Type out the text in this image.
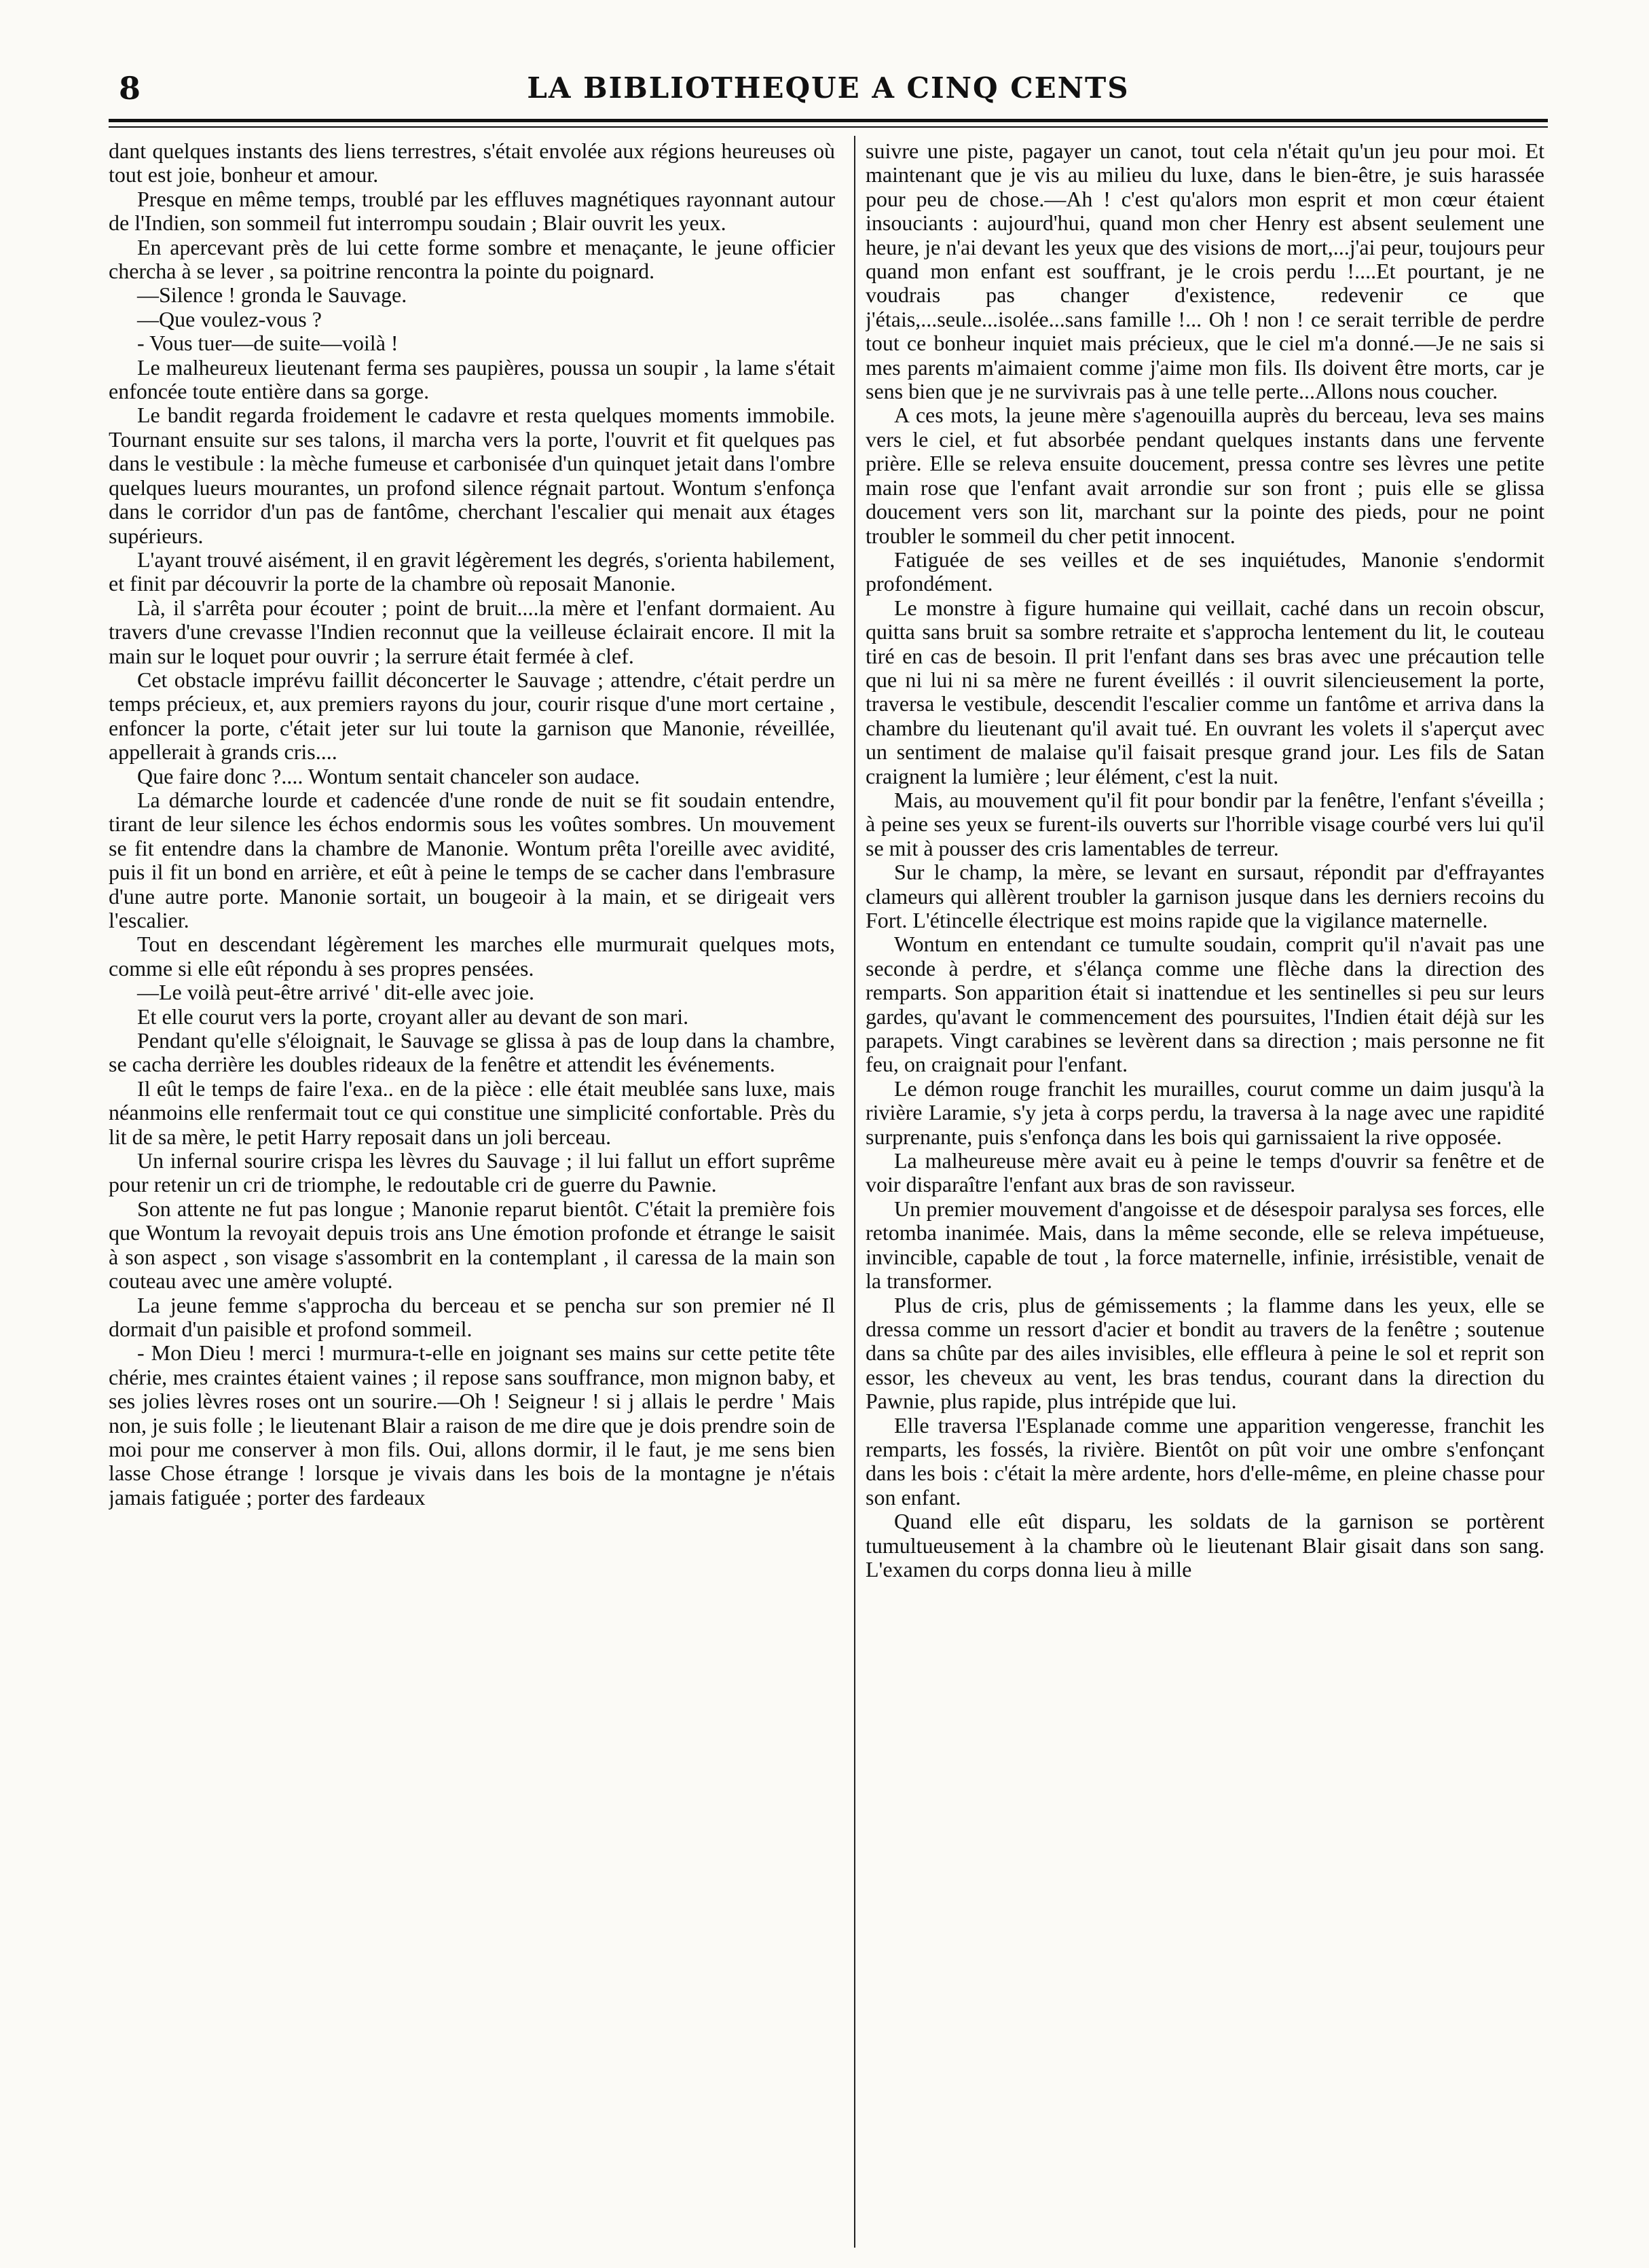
8	LA BIBLIOTHEQUE A CINQ CENTS

dant quelques instants des liens terrestres, s'était envolée aux régions heureuses où tout est joie, bonheur et amour.

Presque en même temps, troublé par les effluves magnétiques rayonnant autour de l'Indien, son sommeil fut interrompu soudain ; Blair ouvrit les yeux.

En apercevant près de lui cette forme sombre et menaçante, le jeune officier chercha à se lever , sa poitrine rencontra la pointe du poignard.

—Silence ! gronda le Sauvage.

—Que voulez-vous ?

- Vous tuer—de suite—voilà !

Le malheureux lieutenant ferma ses paupières, poussa un soupir , la lame s'était enfoncée toute entière dans sa gorge.

Le bandit regarda froidement le cadavre et resta quelques moments immobile. Tournant ensuite sur ses talons, il marcha vers la porte, l'ouvrit et fit quelques pas dans le vestibule : la mèche fumeuse et carbonisée d'un quinquet jetait dans l'ombre quelques lueurs mourantes, un profond silence régnait partout. Wontum s'enfonça dans le corridor d'un pas de fantôme, cherchant l'escalier qui menait aux étages supérieurs.

L'ayant trouvé aisément, il en gravit légèrement les degrés, s'orienta habilement, et finit par découvrir la porte de la chambre où reposait Manonie.

Là, il s'arrêta pour écouter ; point de bruit....la mère et l'enfant dormaient. Au travers d'une crevasse l'Indien reconnut que la veilleuse éclairait encore. Il mit la main sur le loquet pour ouvrir ; la serrure était fermée à clef.

Cet obstacle imprévu faillit déconcerter le Sauvage ; attendre, c'était perdre un temps précieux, et, aux premiers rayons du jour, courir risque d'une mort certaine , enfoncer la porte, c'était jeter sur lui toute la garnison que Manonie, réveillée, appellerait à grands cris....

Que faire donc ?.... Wontum sentait chanceler son audace.

La démarche lourde et cadencée d'une ronde de nuit se fit soudain entendre, tirant de leur silence les échos endormis sous les voûtes sombres. Un mouvement se fit entendre dans la chambre de Manonie. Wontum prêta l'oreille avec avidité, puis il fit un bond en arrière, et eût à peine le temps de se cacher dans l'embrasure d'une autre porte. Manonie sortait, un bougeoir à la main, et se dirigeait vers l'escalier.

Tout en descendant légèrement les marches elle murmurait quelques mots, comme si elle eût répondu à ses propres pensées.

—Le voilà peut-être arrivé ' dit-elle avec joie.

Et elle courut vers la porte, croyant aller au devant de son mari.

Pendant qu'elle s'éloignait, le Sauvage se glissa à pas de loup dans la chambre, se cacha derrière les doubles rideaux de la fenêtre et attendit les événements.

Il eût le temps de faire l'exa.. en de la pièce : elle était meublée sans luxe, mais néanmoins elle renfermait tout ce qui constitue une simplicité confortable. Près du lit de sa mère, le petit Harry reposait dans un joli berceau.

Un infernal sourire crispa les lèvres du Sauvage ; il lui fallut un effort suprême pour retenir un cri de triomphe, le redoutable cri de guerre du Pawnie.

Son attente ne fut pas longue ; Manonie reparut bientôt. C'était la première fois que Wontum la revoyait depuis trois ans Une émotion profonde et étrange le saisit à son aspect , son visage s'assombrit en la contemplant , il caressa de la main son couteau avec une amère volupté.

La jeune femme s'approcha du berceau et se pencha sur son premier né Il dormait d'un paisible et profond sommeil.

- Mon Dieu ! merci ! murmura-t-elle en joignant ses mains sur cette petite tête chérie, mes craintes étaient vaines ; il repose sans souffrance, mon mignon baby, et ses jolies lèvres roses ont un sourire.—Oh ! Seigneur ! si j allais le perdre ' Mais non, je suis folle ; le lieutenant Blair a raison de me dire que je dois prendre soin de moi pour me conserver à mon fils. Oui, allons dormir, il le faut, je me sens bien lasse Chose étrange ! lorsque je vivais dans les bois de la montagne je n'étais jamais fatiguée ; porter des fardeaux

suivre une piste, pagayer un canot, tout cela n'était qu'un jeu pour moi. Et maintenant que je vis au milieu du luxe, dans le bien-être, je suis harassée pour peu de chose.—Ah ! c'est qu'alors mon esprit et mon cœur étaient insouciants : aujourd'hui, quand mon cher Henry est absent seulement une heure, je n'ai devant les yeux que des visions de mort,...j'ai peur, toujours peur quand mon enfant est souffrant, je le crois perdu !....Et pourtant, je ne voudrais pas changer d'existence, redevenir ce que j'étais,...seule...isolée...sans famille !... Oh ! non ! ce serait terrible de perdre tout ce bonheur inquiet mais précieux, que le ciel m'a donné.—Je ne sais si mes parents m'aimaient comme j'aime mon fils. Ils doivent être morts, car je sens bien que je ne survivrais pas à une telle perte...Allons nous coucher.

A ces mots, la jeune mère s'agenouilla auprès du berceau, leva ses mains vers le ciel, et fut absorbée pendant quelques instants dans une fervente prière. Elle se releva ensuite doucement, pressa contre ses lèvres une petite main rose que l'enfant avait arrondie sur son front ; puis elle se glissa doucement vers son lit, marchant sur la pointe des pieds, pour ne point troubler le sommeil du cher petit innocent.

Fatiguée de ses veilles et de ses inquiétudes, Manonie s'endormit profondément.

Le monstre à figure humaine qui veillait, caché dans un recoin obscur, quitta sans bruit sa sombre retraite et s'approcha lentement du lit, le couteau tiré en cas de besoin. Il prit l'enfant dans ses bras avec une précaution telle que ni lui ni sa mère ne furent éveillés : il ouvrit silencieusement la porte, traversa le vestibule, descendit l'escalier comme un fantôme et arriva dans la chambre du lieutenant qu'il avait tué. En ouvrant les volets il s'aperçut avec un sentiment de malaise qu'il faisait presque grand jour. Les fils de Satan craignent la lumière ; leur élément, c'est la nuit.

Mais, au mouvement qu'il fit pour bondir par la fenêtre, l'enfant s'éveilla ; à peine ses yeux se furent-ils ouverts sur l'horrible visage courbé vers lui qu'il se mit à pousser des cris lamentables de terreur.

Sur le champ, la mère, se levant en sursaut, répondit par d'effrayantes clameurs qui allèrent troubler la garnison jusque dans les derniers recoins du Fort. L'étincelle électrique est moins rapide que la vigilance maternelle.

Wontum en entendant ce tumulte soudain, comprit qu'il n'avait pas une seconde à perdre, et s'élança comme une flèche dans la direction des remparts. Son apparition était si inattendue et les sentinelles si peu sur leurs gardes, qu'avant le commencement des poursuites, l'Indien était déjà sur les parapets. Vingt carabines se levèrent dans sa direction ; mais personne ne fit feu, on craignait pour l'enfant.

Le démon rouge franchit les murailles, courut comme un daim jusqu'à la rivière Laramie, s'y jeta à corps perdu, la traversa à la nage avec une rapidité surprenante, puis s'enfonça dans les bois qui garnissaient la rive opposée.

La malheureuse mère avait eu à peine le temps d'ouvrir sa fenêtre et de voir disparaître l'enfant aux bras de son ravisseur.

Un premier mouvement d'angoisse et de désespoir paralysa ses forces, elle retomba inanimée. Mais, dans la même seconde, elle se releva impétueuse, invincible, capable de tout , la force maternelle, infinie, irrésistible, venait de la transformer.

Plus de cris, plus de gémissements ; la flamme dans les yeux, elle se dressa comme un ressort d'acier et bondit au travers de la fenêtre ; soutenue dans sa chûte par des ailes invisibles, elle effleura à peine le sol et reprit son essor, les cheveux au vent, les bras tendus, courant dans la direction du Pawnie, plus rapide, plus intrépide que lui.

Elle traversa l'Esplanade comme une apparition vengeresse, franchit les remparts, les fossés, la rivière. Bientôt on pût voir une ombre s'enfonçant dans les bois : c'était la mère ardente, hors d'elle-même, en pleine chasse pour son enfant.

Quand elle eût disparu, les soldats de la garnison se portèrent tumultueusement à la chambre où le lieutenant Blair gisait dans son sang. L'examen du corps donna lieu à mille
